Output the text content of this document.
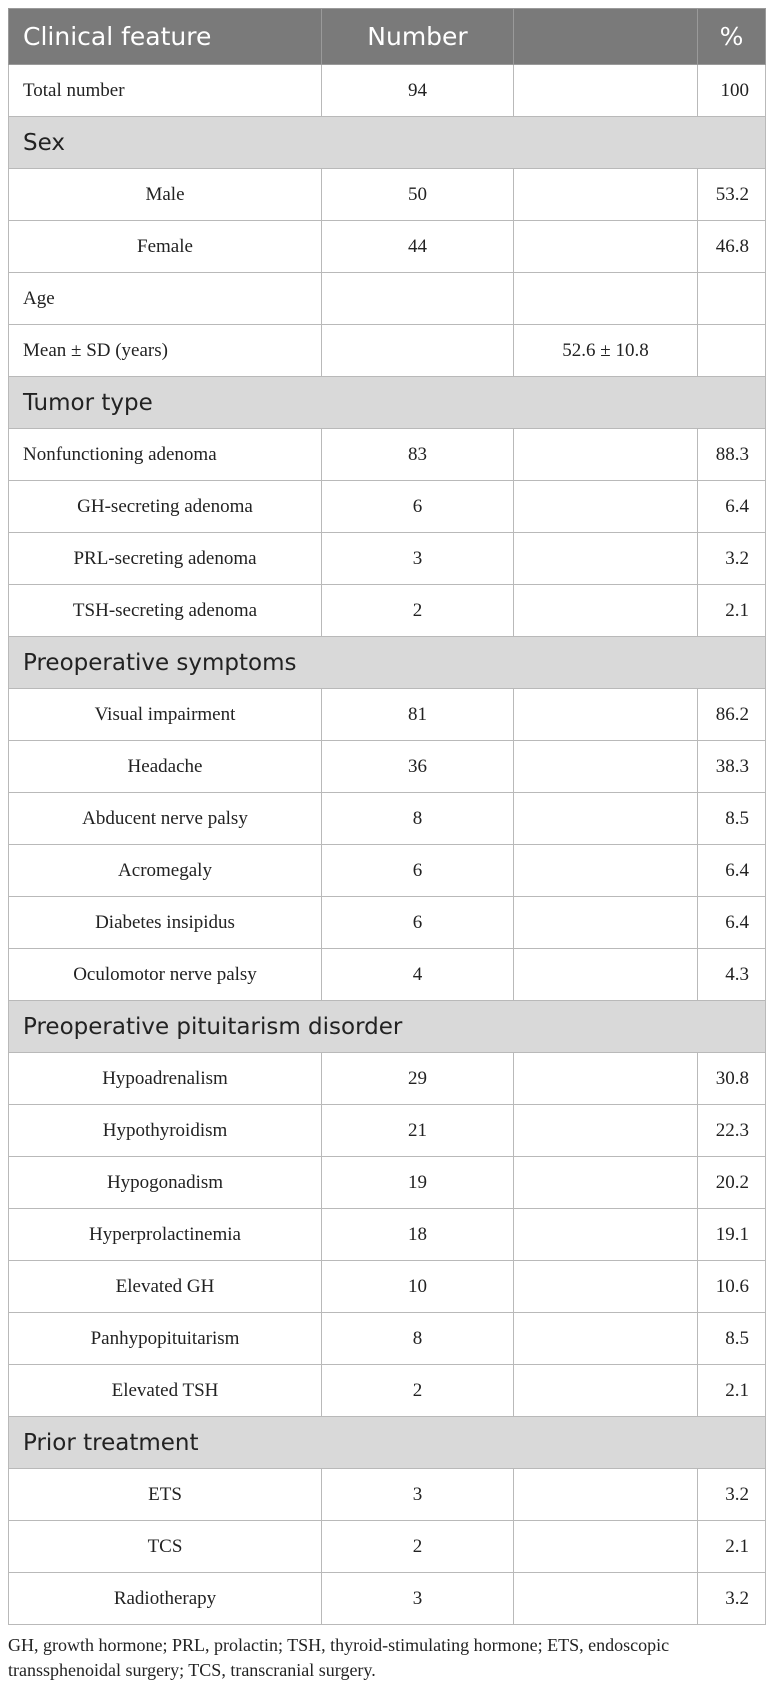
Clinical feature	Number		%
Total number	94		100
Sex			
Male	50		53.2
Female	44		46.8
Age			
Mean ± SD (years)		52.6 ± 10.8	
Tumor type			
Nonfunctioning adenoma	83		88.3
GH-secreting adenoma	6		6.4
PRL-secreting adenoma	3		3.2
TSH-secreting adenoma	2		2.1
Preoperative symptoms			
Visual impairment	81		86.2
Headache	36		38.3
Abducent nerve palsy	8		8.5
Acromegaly	6		6.4
Diabetes insipidus	6		6.4
Oculomotor nerve palsy	4		4.3
Preoperative pituitarism disorder			
Hypoadrenalism	29		30.8
Hypothyroidism	21		22.3
Hypogonadism	19		20.2
Hyperprolactinemia	18		19.1
Elevated GH	10		10.6
Panhypopituitarism	8		8.5
Elevated TSH	2		2.1
Prior treatment			
ETS	3		3.2
TCS	2		2.1
Radiotherapy	3		3.2
GH, growth hormone; PRL, prolactin; TSH, thyroid-stimulating hormone; ETS, endoscopic transsphenoidal surgery; TCS, transcranial surgery.
